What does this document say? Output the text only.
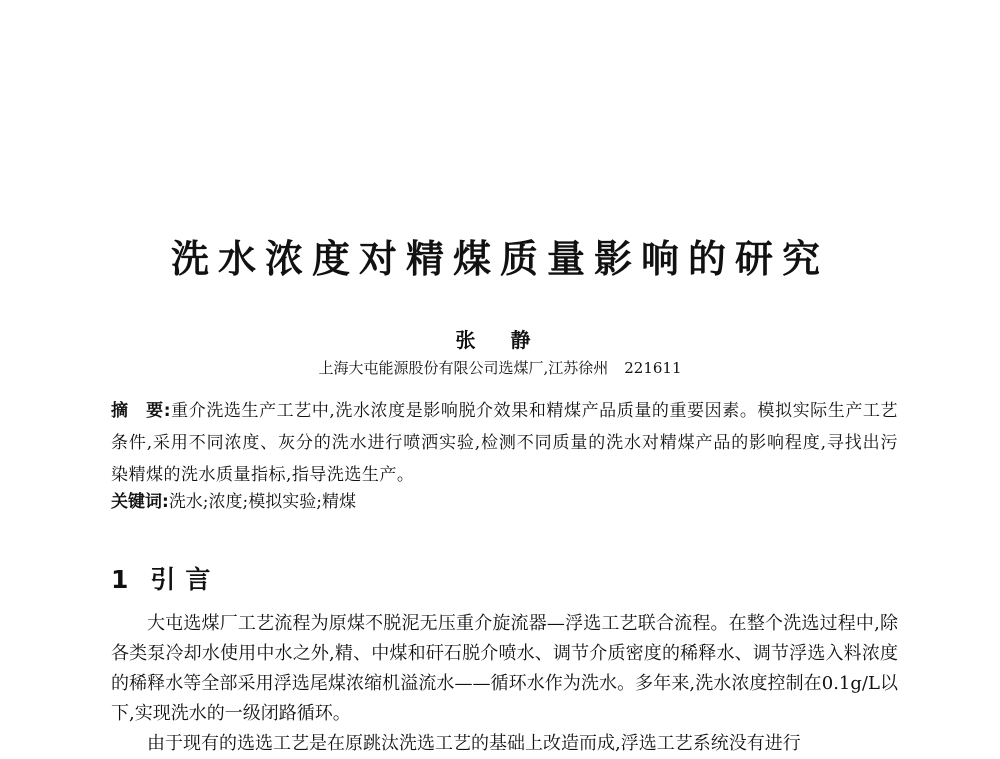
洗水浓度对精煤质量影响的研究
张 静
上海大屯能源股份有限公司选煤厂,江苏徐州 221611
摘　要:重介洗选生产工艺中,洗水浓度是影响脱介效果和精煤产品质量的重要因素。模拟实际生产工艺条件,采用不同浓度、灰分的洗水进行喷洒实验,检测不同质量的洗水对精煤产品的影响程度,寻找出污染精煤的洗水质量指标,指导洗选生产。
关键词:洗水;浓度;模拟实验;精煤
1 引言

大屯选煤厂工艺流程为原煤不脱泥无压重介旋流器—浮选工艺联合流程。在整个洗选过程中,除各类泵冷却水使用中水之外,精、中煤和矸石脱介喷水、调节介质密度的稀释水、调节浮选入料浓度的稀释水等全部采用浮选尾煤浓缩机溢流水——循环水作为洗水。多年来,洗水浓度控制在0.1g/L以下,实现洗水的一级闭路循环。

由于现有的选选工艺是在原跳汰洗选工艺的基础上改造而成,浮选工艺系统没有进行
